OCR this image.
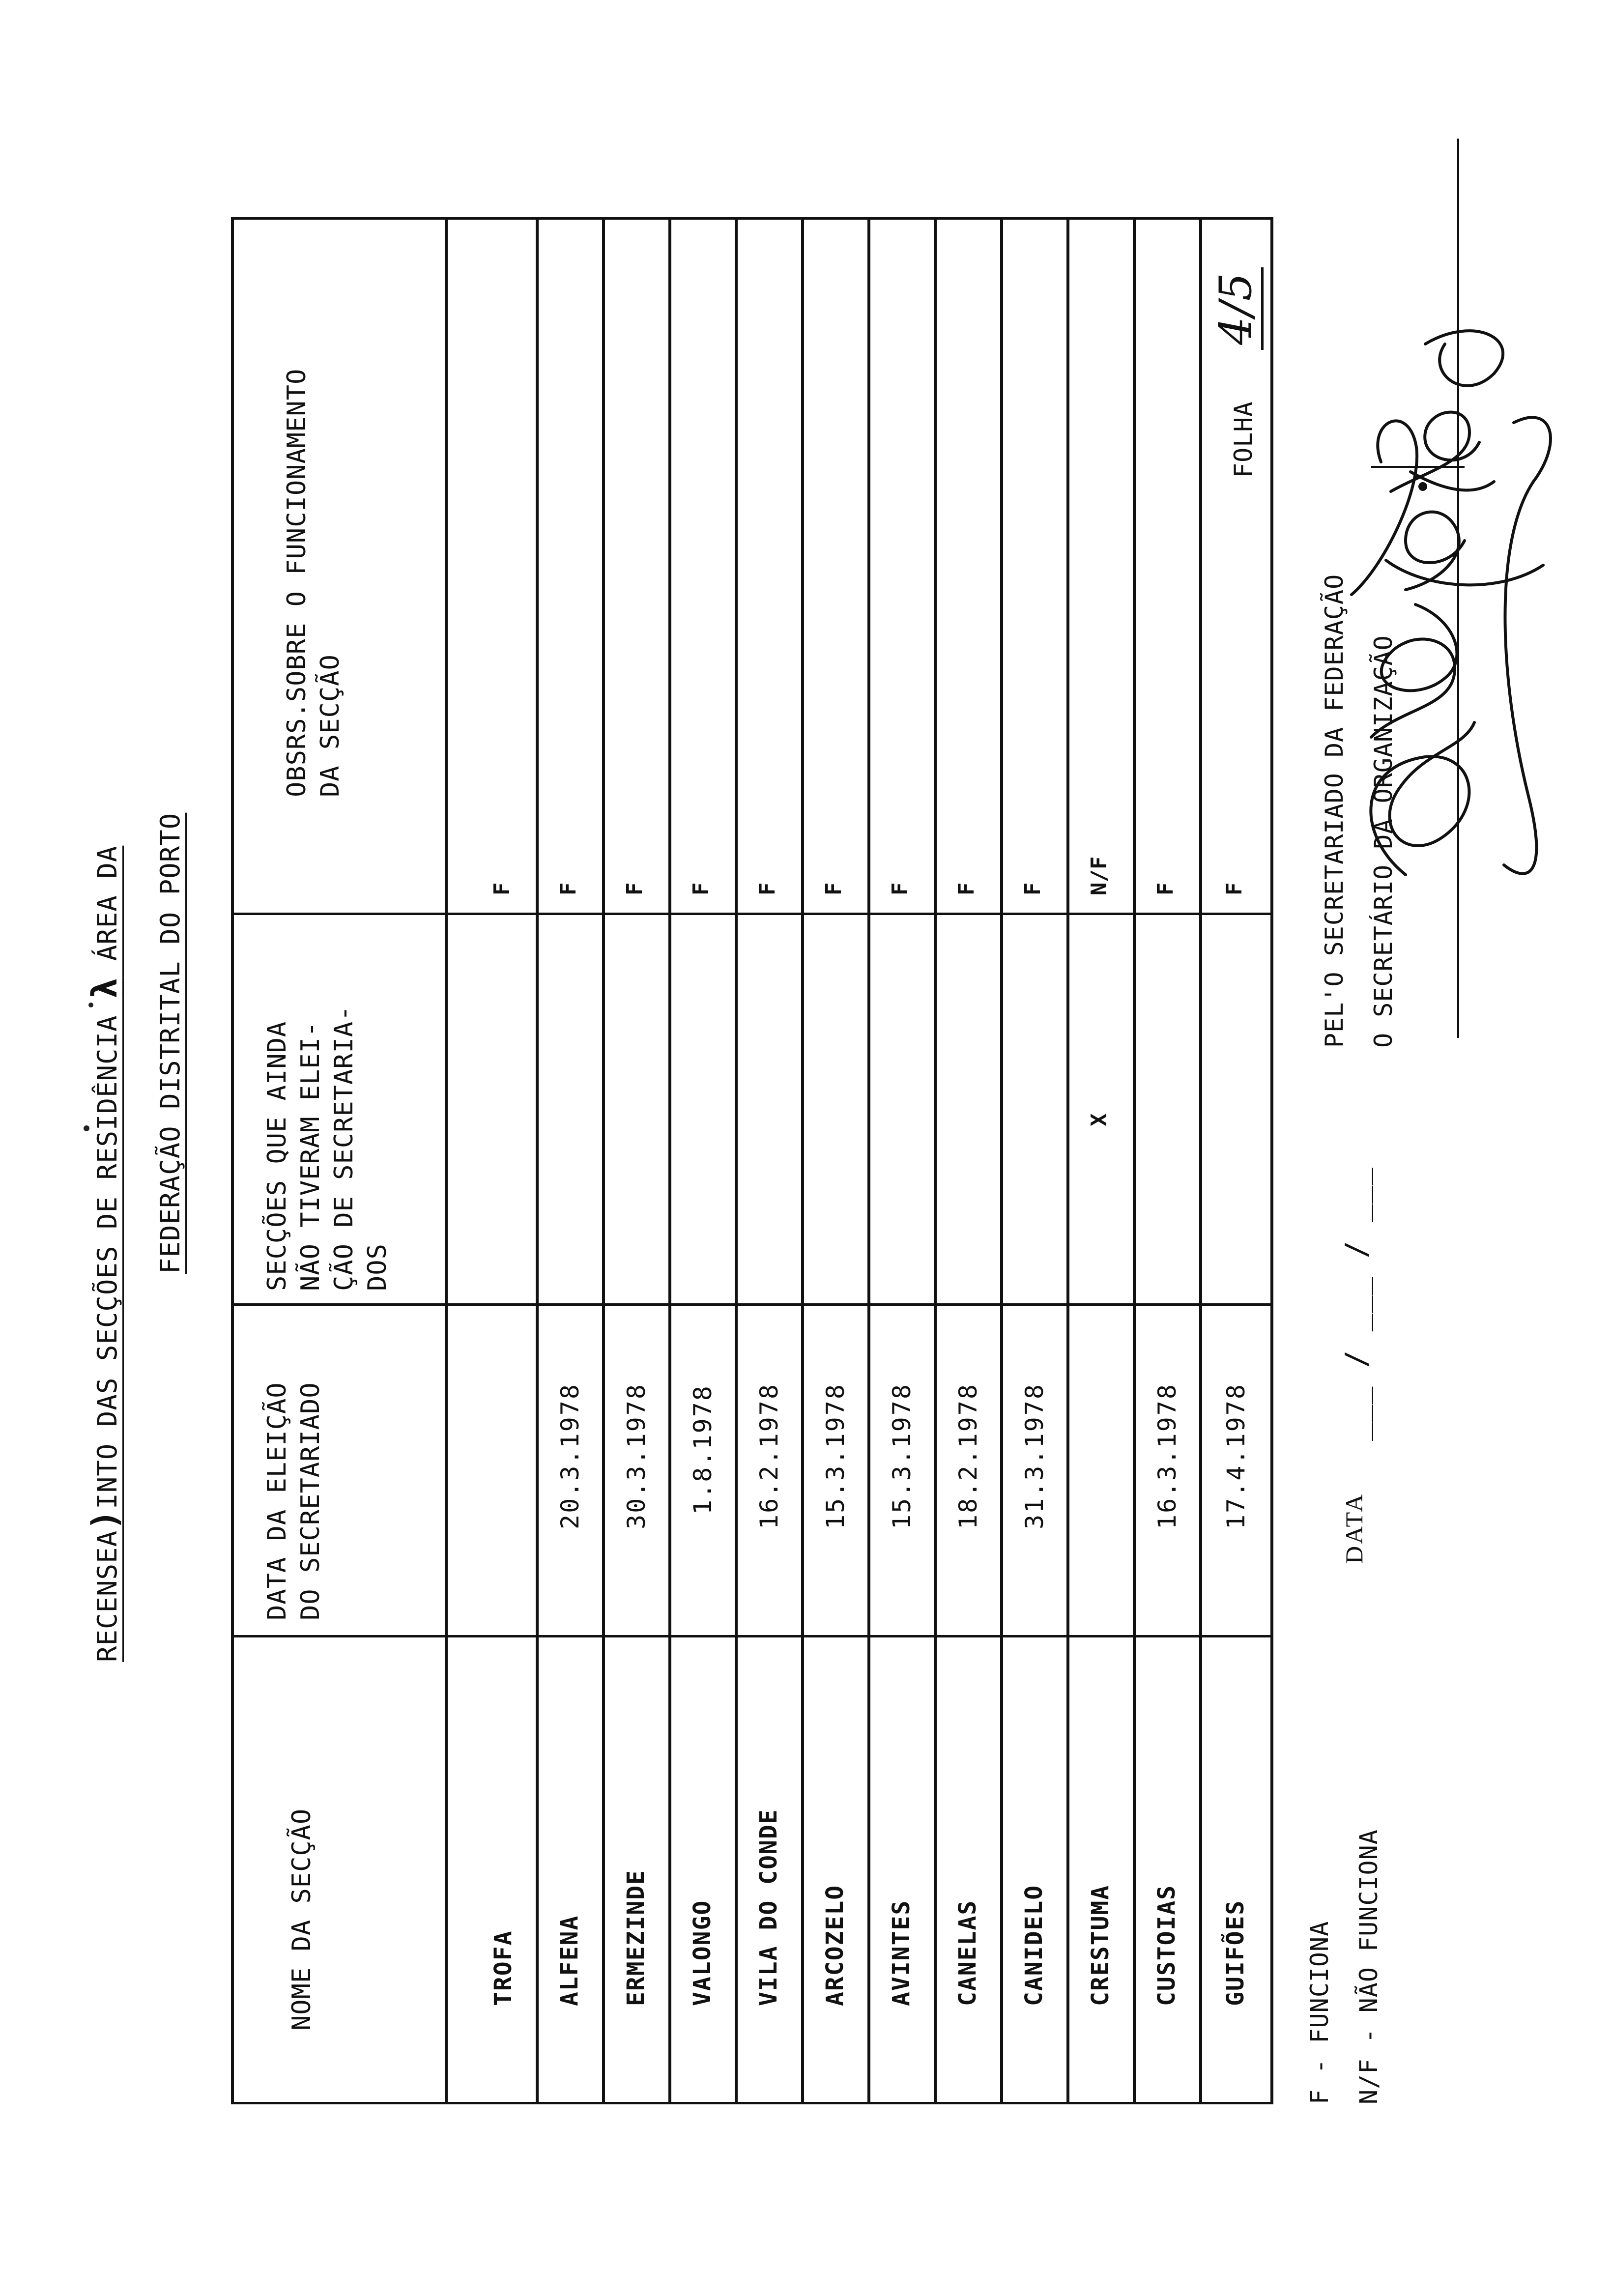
RECENSEA)INTO DAS SECÇÕES DE RESIDÊNCIA λ ÁREA DA FEDERAÇÃO DISTRITAL DO PORTO
FOLHA
4/5
NOME DA SECÇÃO
DATA DA ELEIÇÃO
DO SECRETARIADO
SECÇÕES QUE AINDA
NÃO TIVERAM ELEI-
ÇÃO DE SECRETARIA-
DOS
OBSRS.SOBRE O FUNCIONAMENTO
DA SECÇÃO
TROFA
F
ALFENA
20.3.1978
F
ERMEZINDE
30.3.1978
F
VALONGO
1.8.1978
F
VILA DO CONDE
16.2.1978
F
ARCOZELO
15.3.1978
F
AVINTES
15.3.1978
F
CANELAS
18.2.1978
F
CANIDELO
31.3.1978
F
CRESTUMA
X
N/F
CUSTOIAS
16.3.1978
F
GUIFÕES
17.4.1978
F
F - FUNCIONA N/F - NÃO FUNCIONA
DATA
___ / ___ / ___
PEL'O SECRETARIADO DA FEDERAÇÃO O SECRETÁRIO DA ORGANIZAÇÃO
